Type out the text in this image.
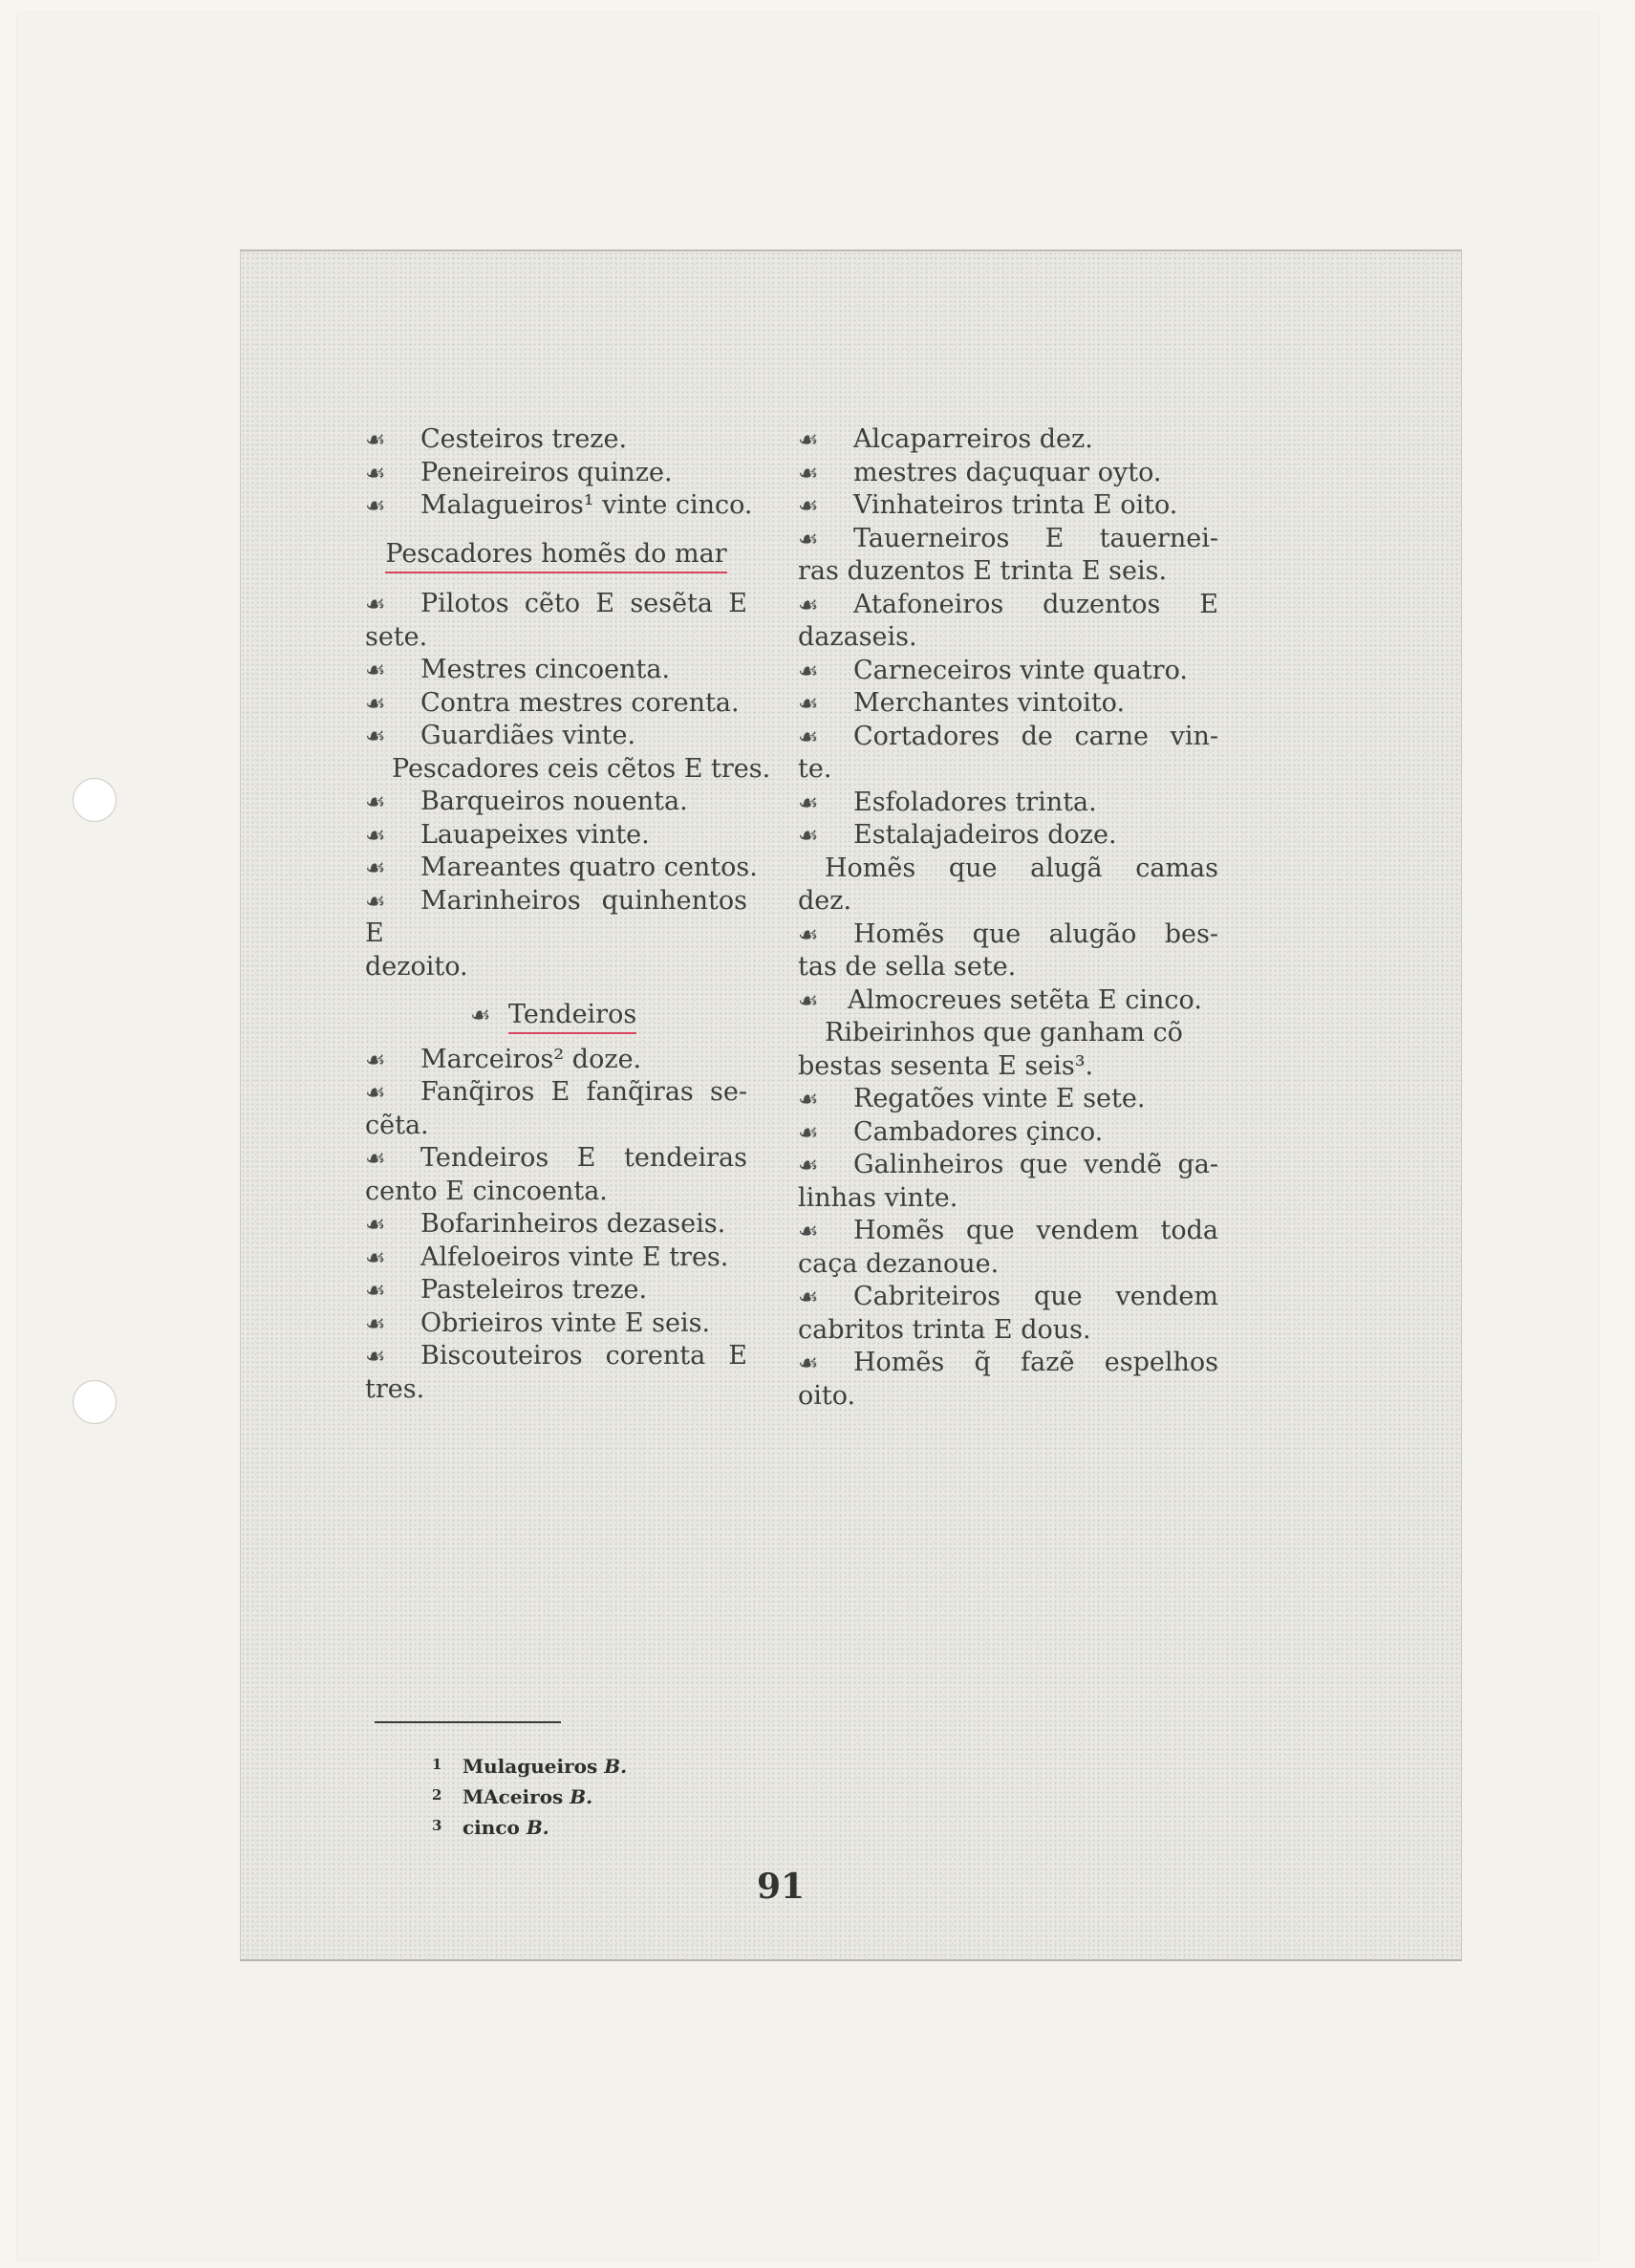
☙Cesteiros treze.
☙Peneireiros quinze.
☙Malagueiros¹ vinte cinco.
Pescadores homẽs do mar
☙Pilotos cẽto E sesẽta E
sete.
☙Mestres cincoenta.
☙Contra mestres corenta.
☙Guardiães vinte.
Pescadores ceis cẽtos E tres.
☙Barqueiros nouenta.
☙Lauapeixes vinte.
☙Mareantes quatro centos.
☙Marinheiros quinhentos E
dezoito.
☙Tendeiros
☙Marceiros² doze.
☙Fanq̃iros E fanq̃iras se-
cẽta.
☙Tendeiros E tendeiras
cento E cincoenta.
☙Bofarinheiros dezaseis.
☙Alfeloeiros vinte E tres.
☙Pasteleiros treze.
☙Obrieiros vinte E seis.
☙Biscouteiros corenta E
tres.
☙Alcaparreiros dez.
☙mestres daçuquar oyto.
☙Vinhateiros trinta E oito.
☙Tauerneiros E tauernei-
ras duzentos E trinta E seis.
☙Atafoneiros duzentos E
dazaseis.
☙Carneceiros vinte quatro.
☙Merchantes vintoito.
☙Cortadores de carne vin-
te.
☙Esfoladores trinta.
☙Estalajadeiros doze.
Homẽs que alugã camas
dez.
☙Homẽs que alugão bes-
tas de sella sete.
☙Almocreues setẽta E cinco.
Ribeirinhos que ganham cõ
bestas sesenta E seis³.
☙Regatões vinte E sete.
☙Cambadores çinco.
☙Galinheiros que vendẽ ga-
linhas vinte.
☙Homẽs que vendem toda
caça dezanoue.
☙Cabriteiros que vendem
cabritos trinta E dous.
☙Homẽs q̃ fazẽ espelhos
oito.
1 Mulagueiros B.
2 MAceiros B.
3 cinco B.
91
